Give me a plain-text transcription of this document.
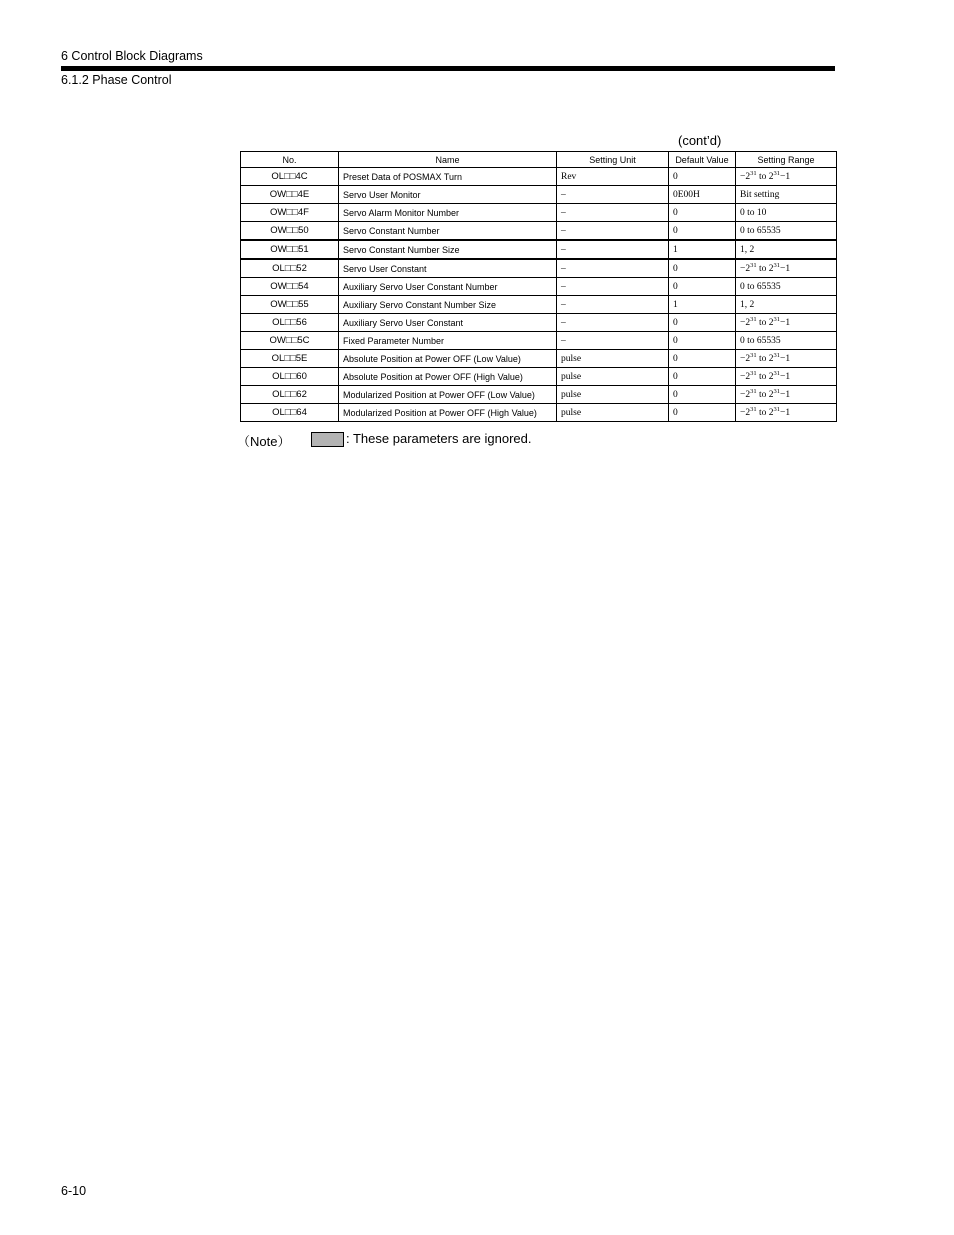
6 Control Block Diagrams
6.1.2 Phase Control
(cont’d)
No.	Name	Setting Unit	Default Value	Setting Range
OL□□4C	Preset Data of POSMAX Turn	Rev	0	$-2^{31}$ to $2^{31}-1$
OW□□4E	Servo User Monitor	–	0E00H	Bit setting
OW□□4F	Servo Alarm Monitor Number	–	0	0 to 10
OW□□50	Servo Constant Number	–	0	0 to 65535
OW□□51	Servo Constant Number Size	–	1	1, 2
OL□□52	Servo User Constant	–	0	$-2^{31}$ to $2^{31}-1$
OW□□54	Auxiliary Servo User Constant Number	–	0	0 to 65535
OW□□55	Auxiliary Servo Constant Number Size	–	1	1, 2
OL□□56	Auxiliary Servo User Constant	–	0	$-2^{31}$ to $2^{31}-1$
OW□□5C	Fixed Parameter Number	–	0	0 to 65535
OL□□5E	Absolute Position at Power OFF (Low Value)	pulse	0	$-2^{31}$ to $2^{31}-1$
OL□□60	Absolute Position at Power OFF (High Value)	pulse	0	$-2^{31}$ to $2^{31}-1$
OL□□62	Modularized Position at Power OFF (Low Value)	pulse	0	$-2^{31}$ to $2^{31}-1$
OL□□64	Modularized Position at Power OFF (High Value)	pulse	0	$-2^{31}$ to $2^{31}-1$
（Note）	: These parameters are ignored.
6-10
